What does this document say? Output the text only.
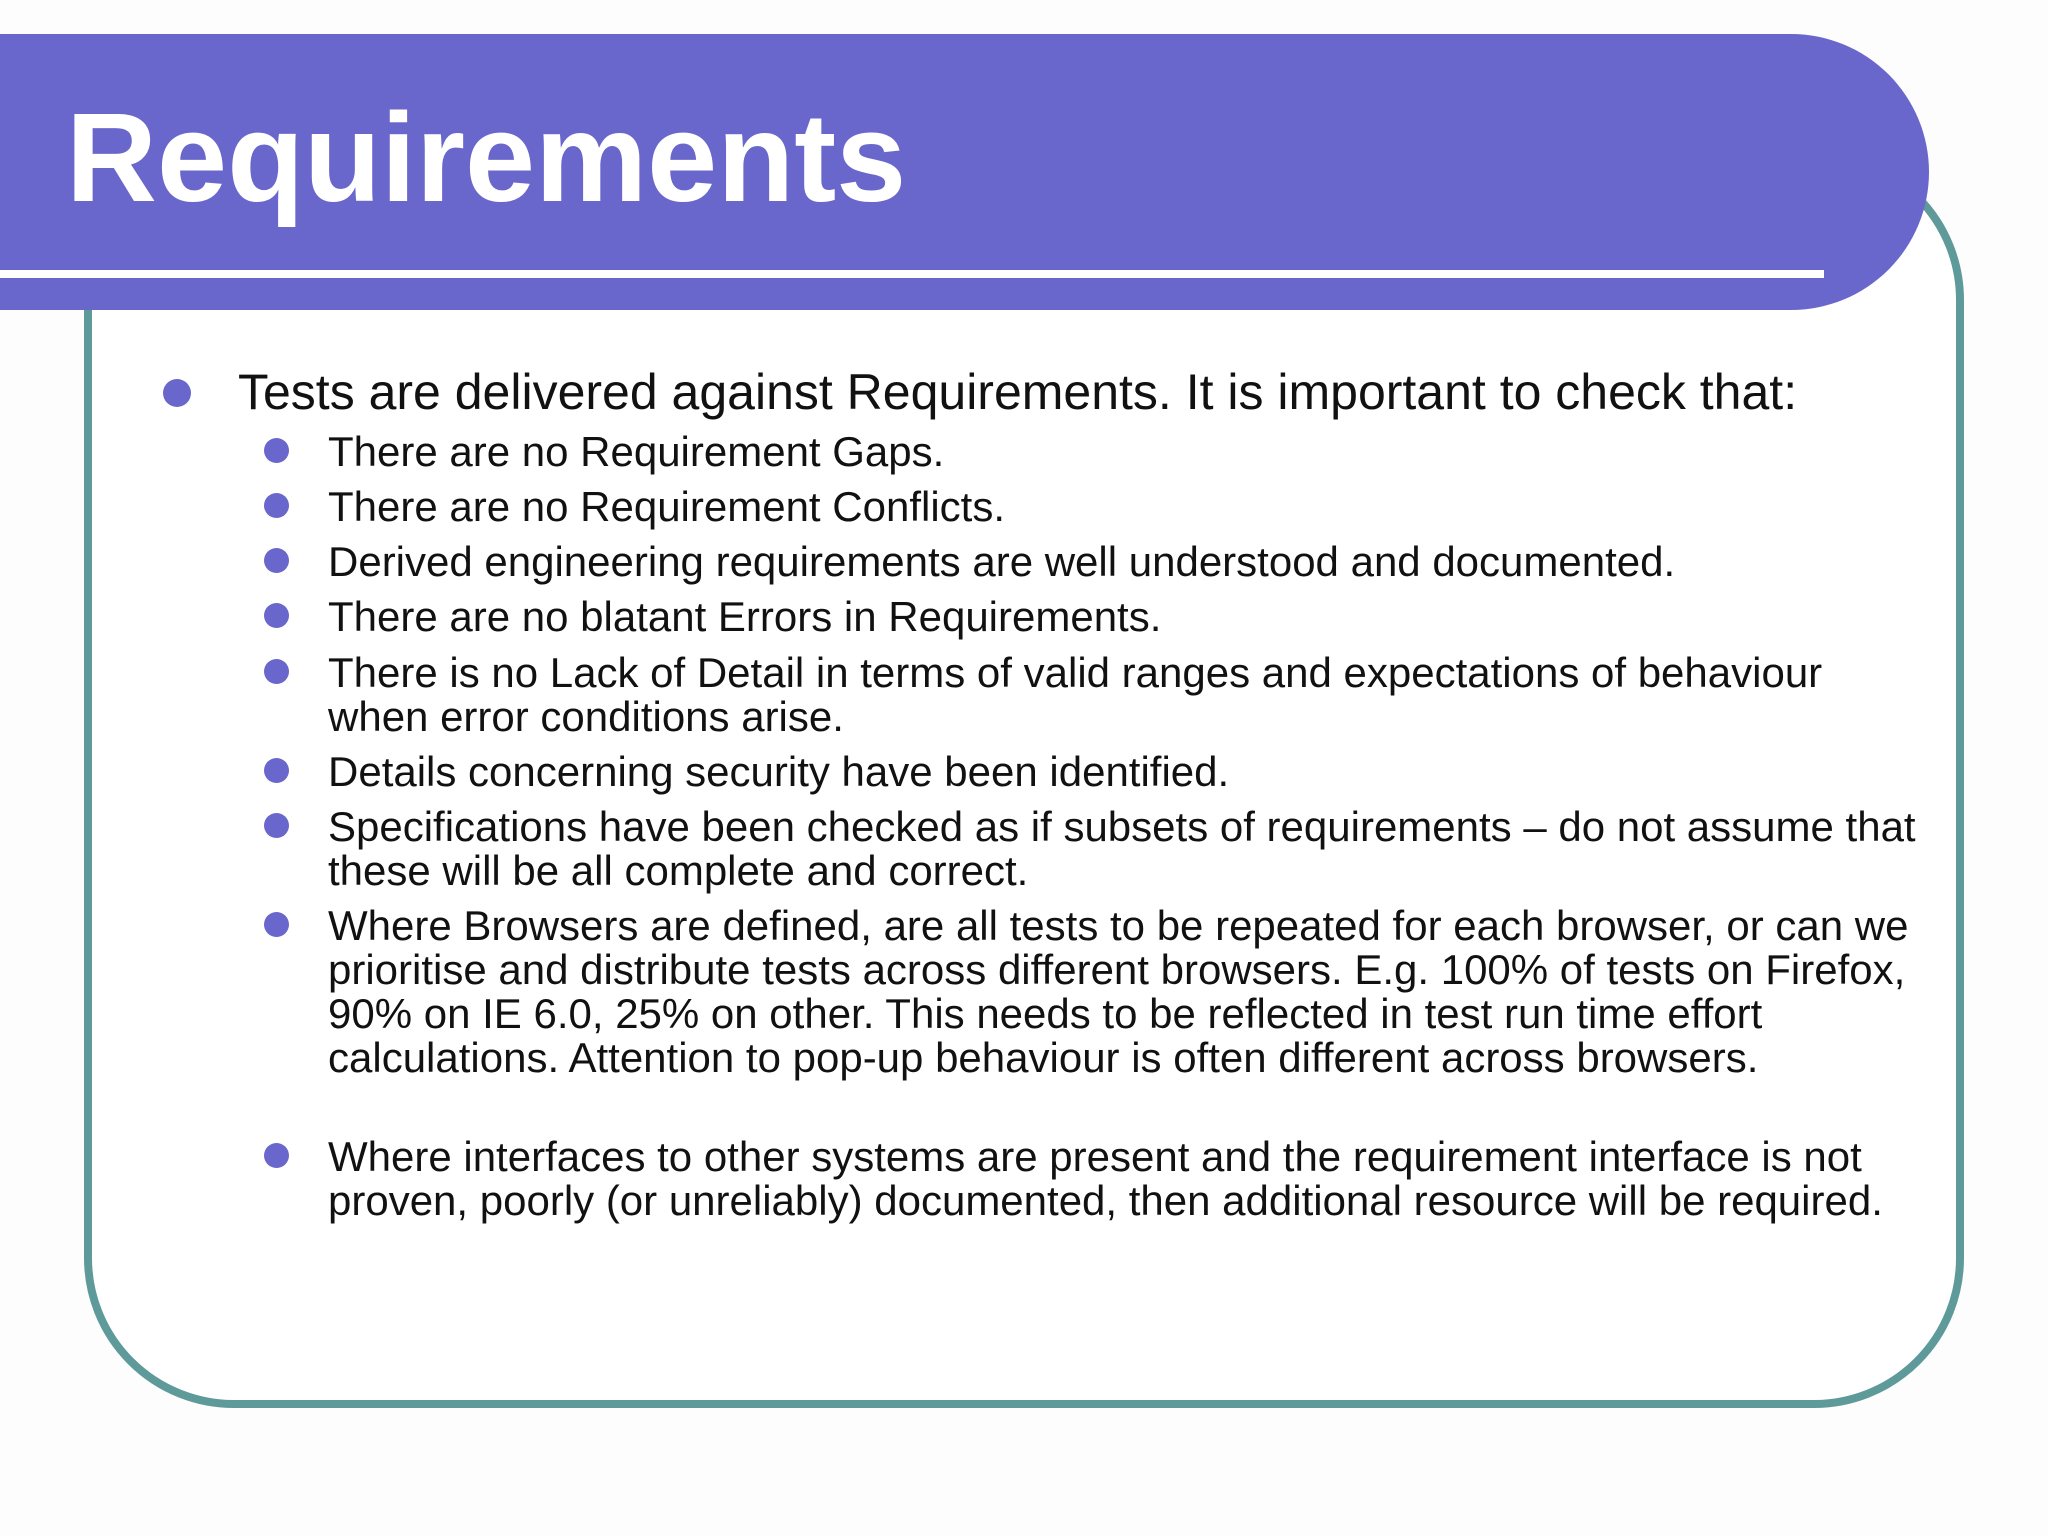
Requirements
Tests are delivered against Requirements. It is important to check that:
There are no Requirement Gaps.
There are no Requirement Conflicts.
Derived engineering requirements are well understood and documented.
There are no blatant Errors in Requirements.
There is no Lack of Detail in terms of valid ranges and expectations of behaviour when error conditions arise.
Details concerning security have been identified.
Specifications have been checked as if subsets of requirements – do not assume that these will be all complete and correct.
Where Browsers are defined, are all tests to be repeated for each browser, or can we prioritise and distribute tests across different browsers. E.g. 100% of tests on Firefox, 90% on IE 6.0, 25% on other. This needs to be reflected in test run time effort calculations. Attention to pop-up behaviour is often different across browsers.
Where interfaces to other systems are present and the requirement interface is not proven, poorly (or unreliably) documented, then additional resource will be required.
